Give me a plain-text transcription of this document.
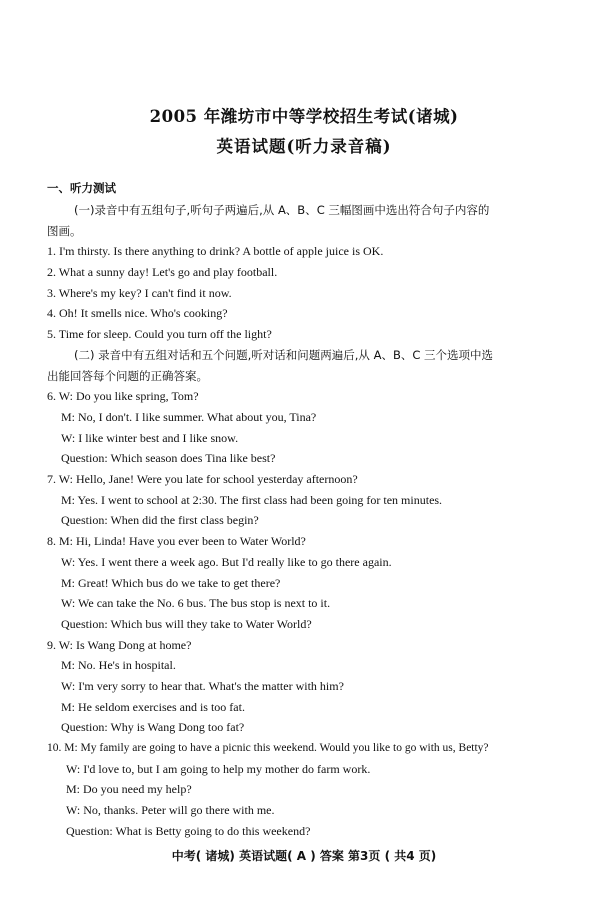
2005 年潍坊市中等学校招生考试(诸城)
英语试题(听力录音稿)
一、听力测试
(一)录音中有五组句子,听句子两遍后,从 A、B、C 三幅图画中选出符合句子内容的
图画。
1. I'm thirsty. Is there anything to drink? A bottle of apple juice is OK.
2. What a sunny day! Let's go and play football.
3. Where's my key? I can't find it now.
4. Oh! It smells nice. Who's cooking?
5. Time for sleep. Could you turn off the light?
(二) 录音中有五组对话和五个问题,听对话和问题两遍后,从 A、B、C 三个选项中选
出能回答每个问题的正确答案。
6. W: Do you like spring, Tom?
M: No, I don't. I like summer. What about you, Tina?
W: I like winter best and I like snow.
Question: Which season does Tina like best?
7. W: Hello, Jane! Were you late for school yesterday afternoon?
M: Yes. I went to school at 2:30. The first class had been going for ten minutes.
Question: When did the first class begin?
8. M: Hi, Linda! Have you ever been to Water World?
W: Yes. I went there a week ago. But I'd really like to go there again.
M: Great! Which bus do we take to get there?
W: We can take the No. 6 bus. The bus stop is next to it.
Question: Which bus will they take to Water World?
9. W: Is Wang Dong at home?
M: No. He's in hospital.
W: I'm very sorry to hear that. What's the matter with him?
M: He seldom exercises and is too fat.
Question: Why is Wang Dong too fat?
10. M: My family are going to have a picnic this weekend. Would you like to go with us, Betty?
W: I'd love to, but I am going to help my mother do farm work.
M: Do you need my help?
W: No, thanks. Peter will go there with me.
Question: What is Betty going to do this weekend?
中考( 诸城) 英语试题( A ) 答案 第3页 ( 共4 页)
